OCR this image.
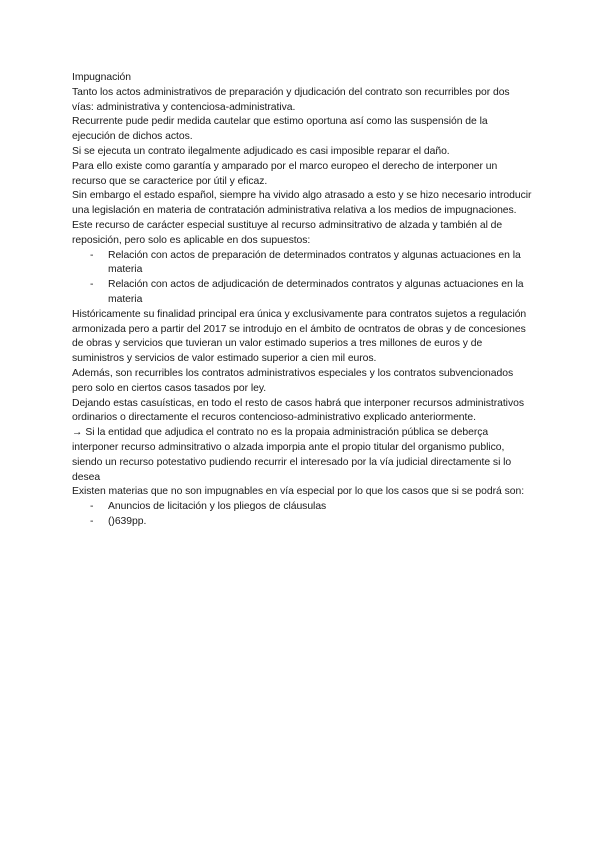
Impugnación

Tanto los actos administrativos de preparación y djudicación del contrato son recurribles por dos vías: administrativa y contenciosa-administrativa.

Recurrente pude pedir medida cautelar que estimo oportuna así como las suspensión de la ejecución de dichos actos.

Si se ejecuta un contrato ilegalmente adjudicado es casi imposible reparar el daño.

Para ello existe como garantía y amparado por el marco europeo el derecho de interponer un recurso que se caracterice por útil y eficaz.

Sin embargo el estado español, siempre ha vivido algo atrasado a esto y se hizo necesario introducir una legislación en materia de contratación administrativa relativa a los medios de impugnaciones.

Este recurso de carácter especial sustituye al recurso adminsitrativo de alzada y también al de reposición, pero solo es aplicable en dos supuestos:

- Relación con actos de preparación de determinados contratos y algunas actuaciones en la materia
- Relación con actos de adjudicación de determinados contratos y algunas actuaciones en la materia

Históricamente su finalidad principal era única y exclusivamente para contratos sujetos a regulación armonizada pero a partir del 2017 se introdujo en el ámbito de ocntratos de obras y de concesiones de obras y servicios que tuvieran un valor estimado superios a tres millones de euros y de suministros y servicios de valor estimado superior a cien mil euros.

Además, son recurribles los contratos administrativos especiales y los contratos subvencionados pero solo en ciertos casos tasados por ley.

Dejando estas casuísticas, en todo el resto de casos habrá que interponer recursos administrativos ordinarios o directamente el recuros contencioso-administrativo explicado anteriormente.

→ Si la entidad que adjudica el contrato no es la propaia administración pública se deberça interponer recurso adminsitrativo o alzada imporpia ante el propio titular del organismo publico, siendo un recurso potestativo pudiendo recurrir el interesado por la vía judicial directamente si lo desea

Existen materias que no son impugnables en vía especial por lo que los casos que si se podrá son:

- Anuncios de licitación y los pliegos de cláusulas
- ()639pp.
